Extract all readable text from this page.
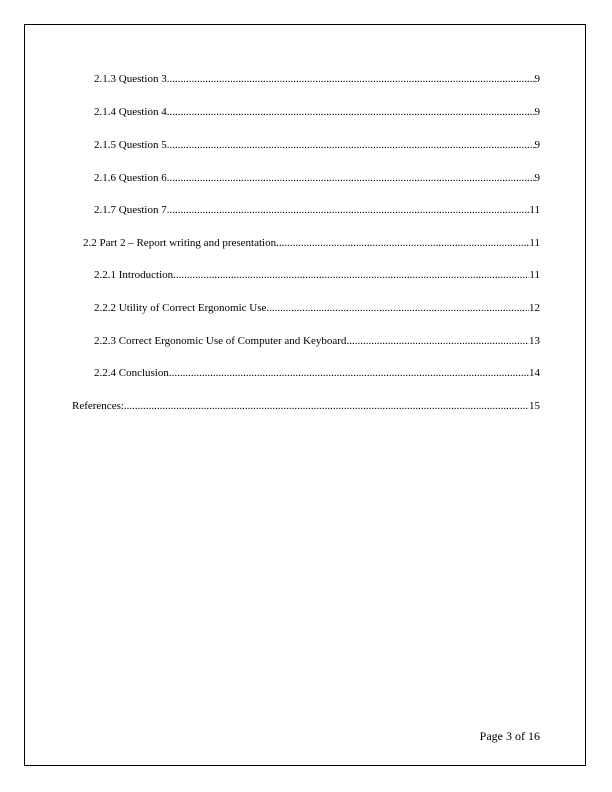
2.1.3 Question 3 .....	9
2.1.4 Question 4 .....	9
2.1.5 Question 5 .....	9
2.1.6 Question 6 .....	9
2.1.7 Question 7 .....	11
2.2 Part 2 – Report writing and presentation .....	11
2.2.1 Introduction .....	11
2.2.2 Utility of Correct Ergonomic Use .....	12
2.2.3 Correct Ergonomic Use of Computer and Keyboard .....	13
2.2.4 Conclusion .....	14
References: .....	15
Page 3 of 16
